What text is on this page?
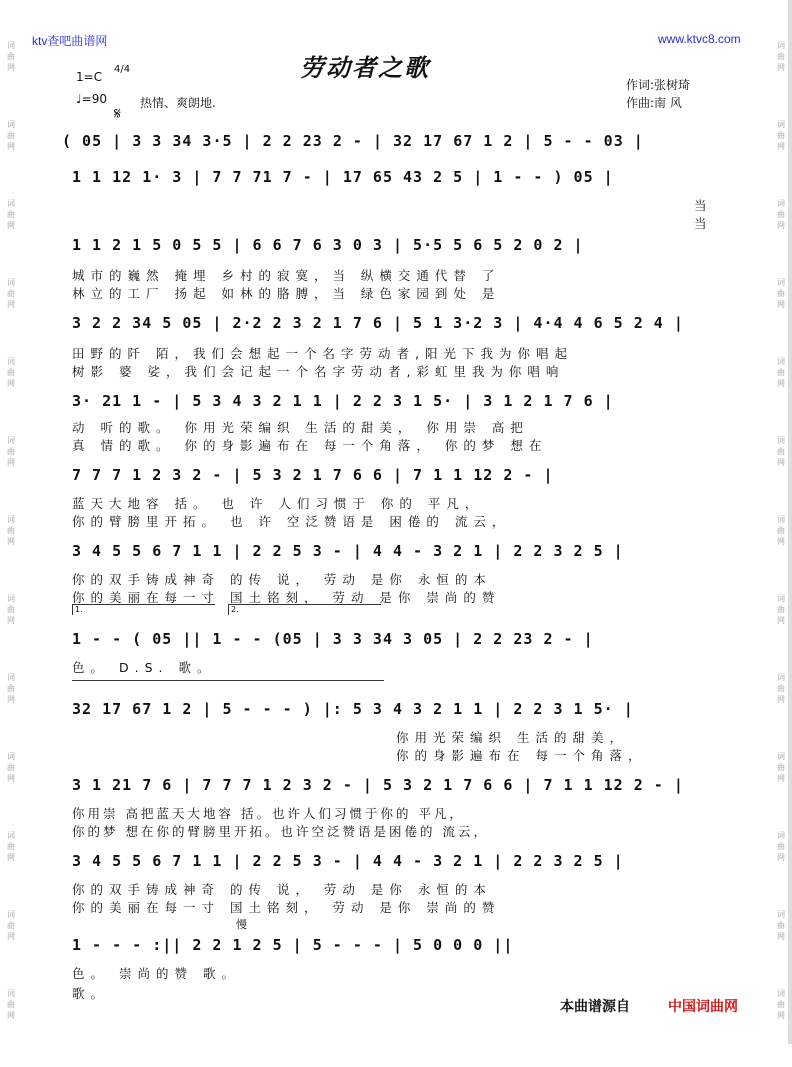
词曲网
词曲网
词曲网
词曲网
词曲网
词曲网
词曲网
词曲网
词曲网
词曲网
词曲网
词曲网
词曲网
词曲网
词曲网
词曲网
词曲网
词曲网
词曲网
词曲网
词曲网
词曲网
词曲网
词曲网
词曲网
词曲网
ktv查吧曲谱网	www.ktvc8.com
劳动者之歌
1=C
4/4
♩=90	热情、爽朗地.
作词:张树琦
作曲:南 风
𝄋
( 05 | 3 3 34 3·5 | 2 2 23 2 - | 32 17 67 1 2 | 5 - - 03 |
1 1 12 1· 3 | 7 7 71 7 - | 17 65 43 2 5 | 1 - - ) 05 |
当
当
1 1 2 1 5 0 5 5 | 6 6 7 6 3 0 3 | 5·5 5 6 5 2 0 2 |
城市的巍然 掩埋 乡村的寂寞，当 纵横交通代替 了
林立的工厂 扬起 如林的胳膊，当 绿色家园到处 是
3 2 2 34 5 05 | 2·2 2 3 2 1 7 6 | 5 1 3·2 3 | 4·4 4 6 5 2 4 |
田野的阡 陌，我们会想起一个名字劳动者,阳光下我为你唱起
树影 婆 娑，我们会记起一个名字劳动者,彩虹里我为你唱响
3· 21 1 - | 5 3 4 3 2 1 1 | 2 2 3 1 5· | 3 1 2 1 7 6 |
动 听的歌。 你用光荣编织 生活的甜美， 你用崇 高把
真 情的歌。 你的身影遍布在 每一个角落， 你的梦 想在
7 7 7 1 2 3 2 - | 5 3 2 1 7 6 6 | 7 1 1 12 2 - |
蓝天大地容 括。 也 许 人们习惯于 你的 平凡，
你的臂膀里开拓。 也 许 空泛赞语是 困倦的 流云，
3 4 5 5 6 7 1 1 | 2 2 5 3 - | 4 4 - 3 2 1 | 2 2 3 2 5 |
你的双手铸成神奇 的传 说， 劳动 是你 永恒的本
你的美丽在每一寸 国土铭刻， 劳动 是你 崇尚的赞
1.	2.
1 - - ( 05 || 1 - - (05 | 3 3 34 3 05 | 2 2 23 2 - |
色。 D.S. 歌。
32 17 67 1 2 | 5 - - - ) |: 5 3 4 3 2 1 1 | 2 2 3 1 5· |
你用光荣编织 生活的甜美，
你的身影遍布在 每一个角落，
3 1 21 7 6 | 7 7 7 1 2 3 2 - | 5 3 2 1 7 6 6 | 7 1 1 12 2 - |
你用崇 高把蓝天大地容 括。也许人们习惯于你的 平凡，
你的梦 想在你的臂膀里开拓。也许空泛赞语是困倦的 流云，
3 4 5 5 6 7 1 1 | 2 2 5 3 - | 4 4 - 3 2 1 | 2 2 3 2 5 |
你的双手铸成神奇 的传 说， 劳动 是你 永恒的本
你的美丽在每一寸 国土铭刻， 劳动 是你 崇尚的赞
慢
1 - - - :|| 2 2 1 2 5 | 5 - - - | 5 0 0 0 ||
色。 崇尚的赞 歌。
歌。
本曲谱源自	中国词曲网
